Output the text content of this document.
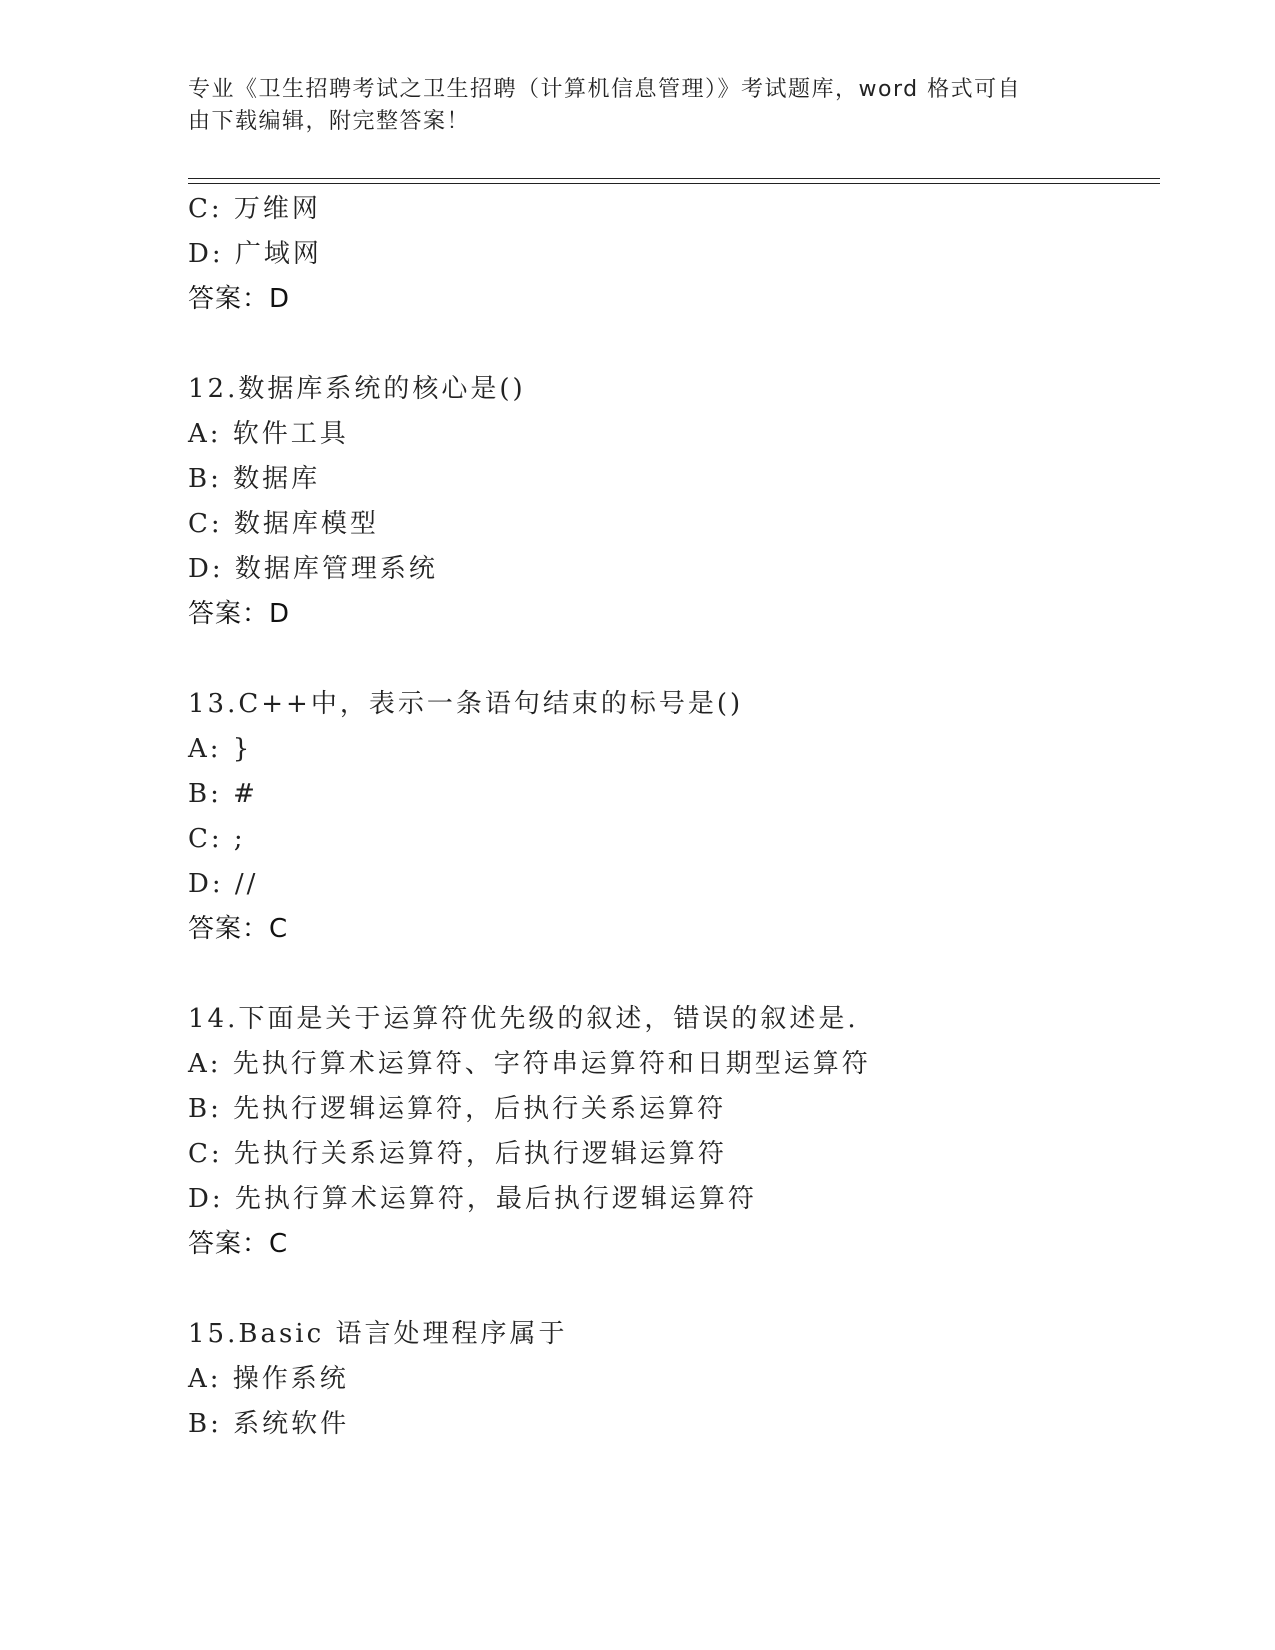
专业《卫生招聘考试之卫生招聘（计算机信息管理）》考试题库，word 格式可自
由下载编辑，附完整答案！
C: 万维网
D: 广域网
答案：D
12.数据库系统的核心是()
A: 软件工具
B: 数据库
C: 数据库模型
D: 数据库管理系统
答案：D
13.C++中，表示一条语句结束的标号是()
A: }
B: #
C: ;
D: //
答案：C
14.下面是关于运算符优先级的叙述，错误的叙述是.
A: 先执行算术运算符、字符串运算符和日期型运算符
B: 先执行逻辑运算符，后执行关系运算符
C: 先执行关系运算符，后执行逻辑运算符
D: 先执行算术运算符，最后执行逻辑运算符
答案：C
15.Basic 语言处理程序属于
A: 操作系统
B: 系统软件
